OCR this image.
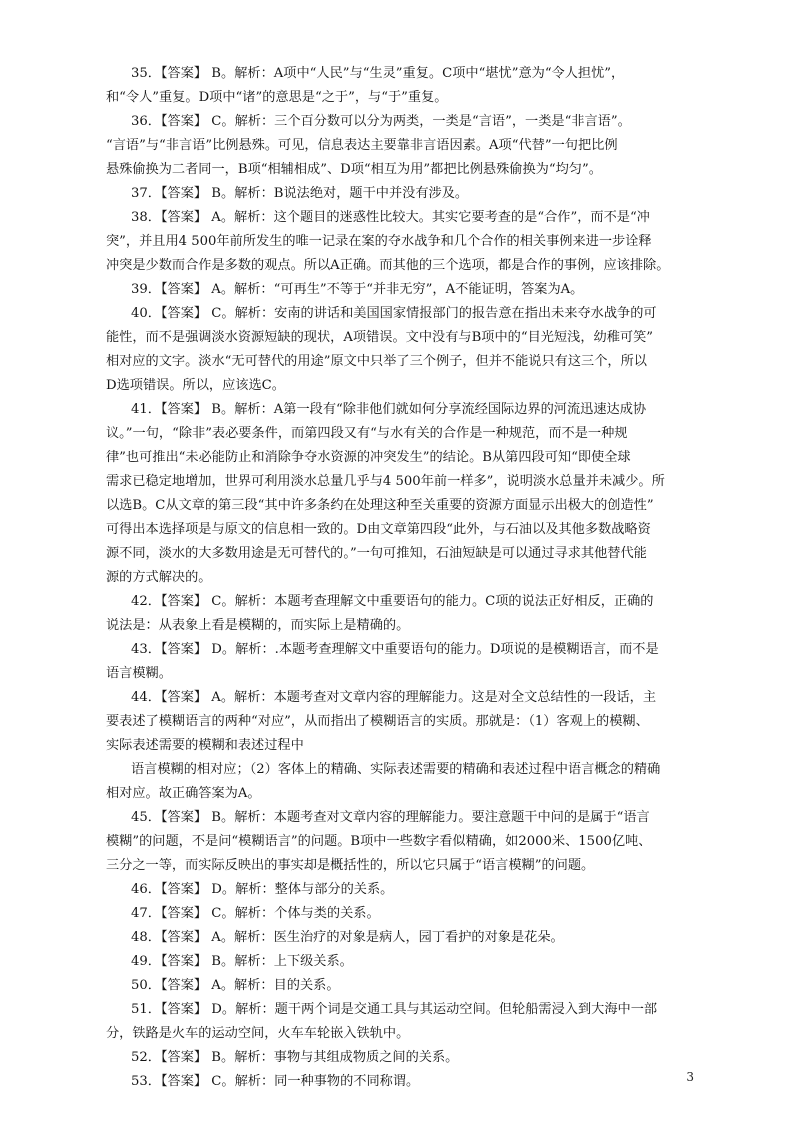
35．【答案】 B。解析：A项中“人民”与“生灵”重复。C项中“堪忧”意为“令人担忧”，
和“令人”重复。D项中“诸”的意思是“之于”，与“于”重复。
36．【答案】 C。解析：三个百分数可以分为两类，一类是“言语”，一类是“非言语”。
“言语”与“非言语”比例悬殊。可见，信息表达主要靠非言语因素。A项“代替”一句把比例
悬殊偷换为二者同一，B项“相辅相成”、D项“相互为用”都把比例悬殊偷换为“均匀”。
37．【答案】 B。解析：B说法绝对，题干中并没有涉及。
38．【答案】 A。解析：这个题目的迷惑性比较大。其实它要考查的是“合作”，而不是“冲
突”，并且用4 500年前所发生的唯一记录在案的夺水战争和几个合作的相关事例来进一步诠释
冲突是少数而合作是多数的观点。所以A正确。而其他的三个选项，都是合作的事例，应该排除。
39．【答案】 A。解析：“可再生”不等于“并非无穷”，A不能证明，答案为A。
40．【答案】 C。解析：安南的讲话和美国国家情报部门的报告意在指出未来夺水战争的可
能性，而不是强调淡水资源短缺的现状，A项错误。文中没有与B项中的“目光短浅，幼稚可笑”
相对应的文字。淡水“无可替代的用途”原文中只举了三个例子，但并不能说只有这三个，所以
D选项错误。所以，应该选C。
41．【答案】 B。解析：A第一段有“除非他们就如何分享流经国际边界的河流迅速达成协
议。”一句，“除非”表必要条件，而第四段又有“与水有关的合作是一种规范，而不是一种规
律”也可推出“未必能防止和消除争夺水资源的冲突发生”的结论。B从第四段可知“即使全球
需求已稳定地增加，世界可利用淡水总量几乎与4 500年前一样多”，说明淡水总量并未减少。所
以选B。C从文章的第三段“其中许多条约在处理这种至关重要的资源方面显示出极大的创造性”
可得出本选择项是与原文的信息相一致的。D由文章第四段“此外，与石油以及其他多数战略资
源不同，淡水的大多数用途是无可替代的。”一句可推知，石油短缺是可以通过寻求其他替代能
源的方式解决的。
42．【答案】 C。解析：本题考查理解文中重要语句的能力。C项的说法正好相反，正确的
说法是：从表象上看是模糊的，而实际上是精确的。
43．【答案】 D。解析：.本题考查理解文中重要语句的能力。D项说的是模糊语言，而不是
语言模糊。
44．【答案】 A。解析：本题考查对文章内容的理解能力。这是对全文总结性的一段话，主
要表述了模糊语言的两种“对应”，从而指出了模糊语言的实质。那就是：（1）客观上的模糊、
实际表述需要的模糊和表述过程中
语言模糊的相对应；（2）客体上的精确、实际表述需要的精确和表述过程中语言概念的精确
相对应。故正确答案为A。
45．【答案】 B。解析：本题考查对文章内容的理解能力。要注意题干中问的是属于“语言
模糊”的问题，不是问“模糊语言”的问题。B项中一些数字看似精确，如2000米、1500亿吨、
三分之一等，而实际反映出的事实却是概括性的，所以它只属于“语言模糊”的问题。
46．【答案】 D。解析：整体与部分的关系。
47．【答案】 C。解析：个体与类的关系。
48．【答案】 A。解析：医生治疗的对象是病人，园丁看护的对象是花朵。
49．【答案】 B。解析：上下级关系。
50．【答案】 A。解析：目的关系。
51．【答案】 D。解析：题干两个词是交通工具与其运动空间。但轮船需浸入到大海中一部
分，铁路是火车的运动空间，火车车轮嵌入铁轨中。
52．【答案】 B。解析：事物与其组成物质之间的关系。
53．【答案】 C。解析：同一种事物的不同称谓。	3
